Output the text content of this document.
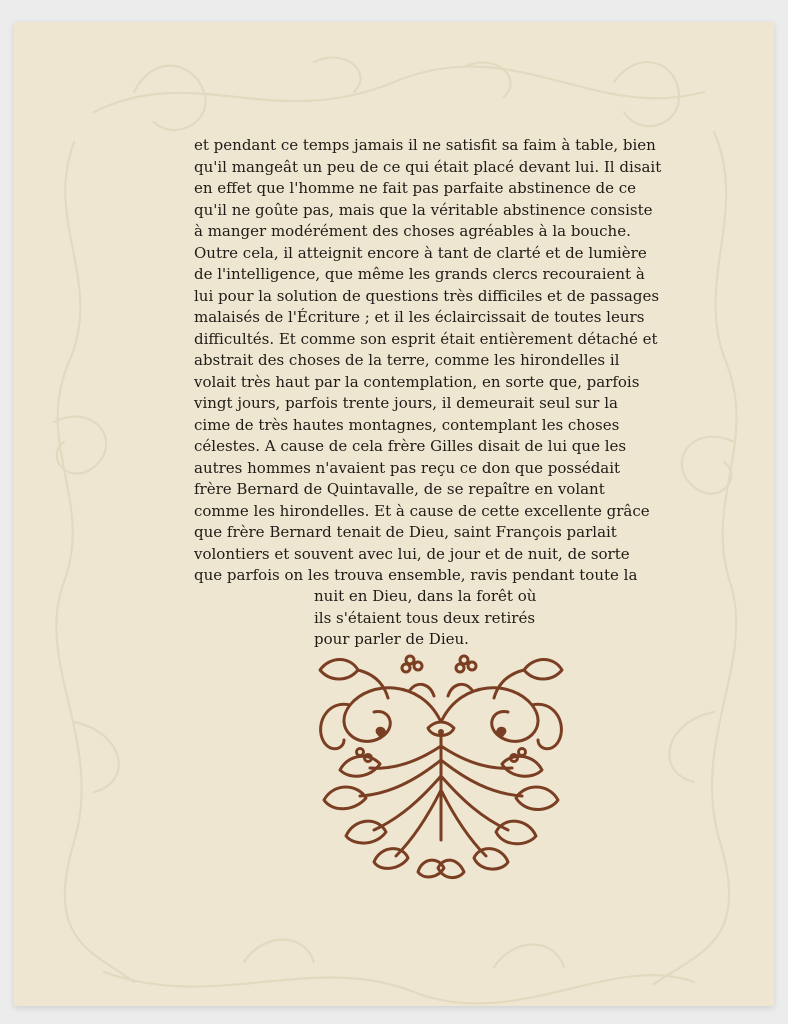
et pendant ce temps jamais il ne satisfit sa faim à table, bien
qu'il mangeât un peu de ce qui était placé devant lui. Il disait
en effet que l'homme ne fait pas parfaite abstinence de ce
qu'il ne goûte pas, mais que la véritable abstinence consiste
à manger modérément des choses agréables à la bouche.
Outre cela, il atteignit encore à tant de clarté et de lumière
de l'intelligence, que même les grands clercs recouraient à
lui pour la solution de questions très difficiles et de passages
malaisés de l'Écriture ; et il les éclaircissait de toutes leurs
difficultés. Et comme son esprit était entièrement détaché et
abstrait des choses de la terre, comme les hirondelles il
volait très haut par la contemplation, en sorte que, parfois
vingt jours, parfois trente jours, il demeurait seul sur la
cime de très hautes montagnes, contemplant les choses
célestes. A cause de cela frère Gilles disait de lui que les
autres hommes n'avaient pas reçu ce don que possédait
frère Bernard de Quintavalle, de se repaître en volant
comme les hirondelles. Et à cause de cette excellente grâce
que frère Bernard tenait de Dieu, saint François parlait
volontiers et souvent avec lui, de jour et de nuit, de sorte
que parfois on les trouva ensemble, ravis pendant toute la
nuit en Dieu, dans la forêt où
ils s'étaient tous deux retirés
pour parler de Dieu.
